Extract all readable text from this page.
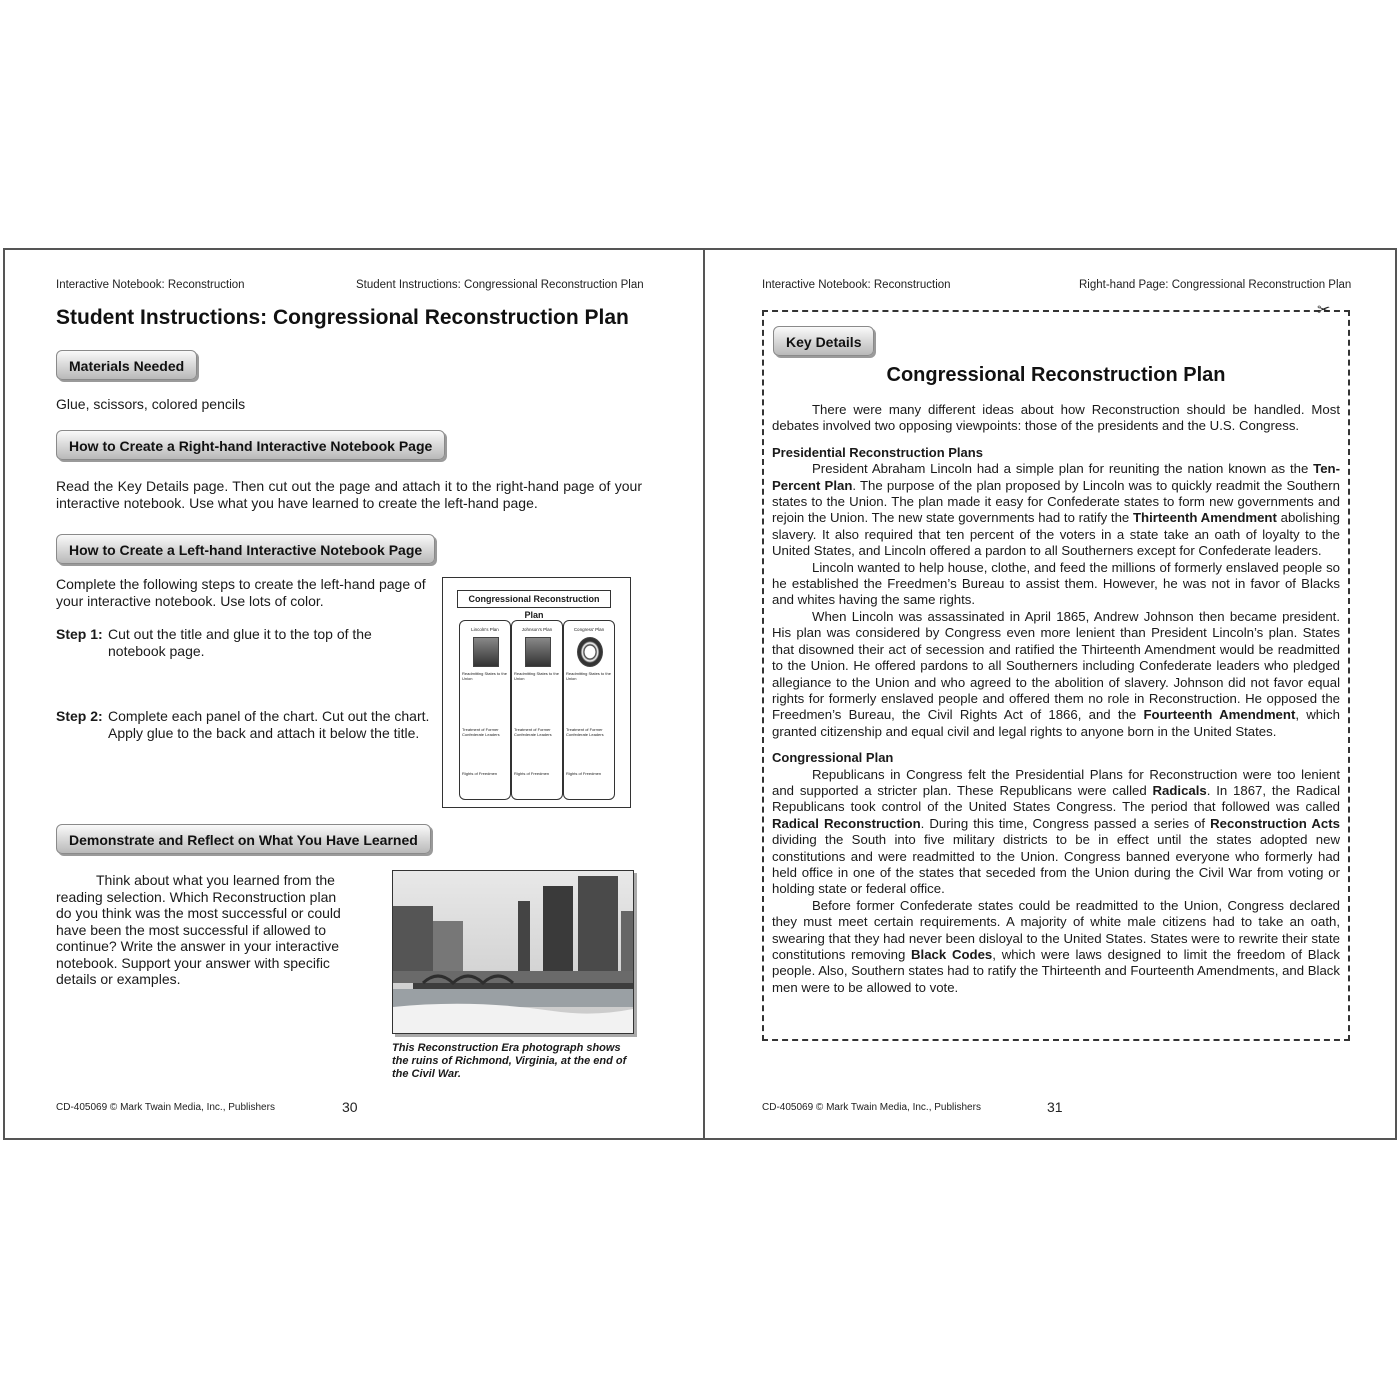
Interactive Notebook: Reconstruction	Student Instructions: Congressional Reconstruction Plan
Student Instructions: Congressional Reconstruction Plan
Materials Needed
Glue, scissors, colored pencils
How to Create a Right-hand Interactive Notebook Page
Read the Key Details page. Then cut out the page and attach it to the right-hand page of your interactive notebook. Use what you have learned to create the left-hand page.
How to Create a Left-hand Interactive Notebook Page
Complete the following steps to create the left-hand page of your interactive notebook. Use lots of color.
Step 1: Cut out the title and glue it to the top of the notebook page.
Step 2: Complete each panel of the chart. Cut out the chart. Apply glue to the back and attach it below the title.
Congressional Reconstruction Plan
Lincoln's Plan
Readmitting States to the Union
Treatment of Former Confederate Leaders
Rights of Freedmen
Johnson's Plan
Readmitting States to the Union
Treatment of Former Confederate Leaders
Rights of Freedmen
Congress' Plan
Readmitting States to the Union
Treatment of Former Confederate Leaders
Rights of Freedmen
Demonstrate and Reflect on What You Have Learned
Think about what you learned from the reading selection. Which Reconstruction plan do you think was the most successful or could have been the most successful if allowed to continue? Write the answer in your interactive notebook. Support your answer with specific details or examples.
This Reconstruction Era photograph shows the ruins of Richmond, Virginia, at the end of the Civil War.
CD-405069 © Mark Twain Media, Inc., Publishers	30
Interactive Notebook: Reconstruction	Right-hand Page: Congressional Reconstruction Plan
✂
Key Details
Congressional Reconstruction Plan

There were many different ideas about how Reconstruction should be handled. Most debates involved two opposing viewpoints: those of the presidents and the U.S. Congress.

Presidential Reconstruction Plans

President Abraham Lincoln had a simple plan for reuniting the nation known as the Ten-Percent Plan. The purpose of the plan proposed by Lincoln was to quickly readmit the Southern states to the Union. The plan made it easy for Confederate states to form new governments and rejoin the Union. The new state governments had to ratify the Thirteenth Amendment abolishing slavery. It also required that ten percent of the voters in a state take an oath of loyalty to the United States, and Lincoln offered a pardon to all Southerners except for Confederate leaders.

Lincoln wanted to help house, clothe, and feed the millions of formerly enslaved people so he established the Freedmen’s Bureau to assist them. However, he was not in favor of Blacks and whites having the same rights.

When Lincoln was assassinated in April 1865, Andrew Johnson then became president. His plan was considered by Congress even more lenient than President Lincoln’s plan. States that disowned their act of secession and ratified the Thirteenth Amendment would be readmitted to the Union. He offered pardons to all Southerners including Confederate leaders who pledged allegiance to the Union and who agreed to the abolition of slavery. Johnson did not favor equal rights for formerly enslaved people and offered them no role in Reconstruction. He opposed the Freedmen’s Bureau, the Civil Rights Act of 1866, and the Fourteenth Amendment, which granted citizenship and equal civil and legal rights to anyone born in the United States.

Congressional Plan

Republicans in Congress felt the Presidential Plans for Reconstruction were too lenient and supported a stricter plan. These Republicans were called Radicals. In 1867, the Radical Republicans took control of the United States Congress. The period that followed was called Radical Reconstruction. During this time, Congress passed a series of Reconstruction Acts dividing the South into five military districts to be in effect until the states adopted new constitutions and were readmitted to the Union. Congress banned everyone who formerly had held office in one of the states that seceded from the Union during the Civil War from voting or holding state or federal office.

Before former Confederate states could be readmitted to the Union, Congress declared they must meet certain requirements. A majority of white male citizens had to take an oath, swearing that they had never been disloyal to the United States. States were to rewrite their state constitutions removing Black Codes, which were laws designed to limit the freedom of Black people. Also, Southern states had to ratify the Thirteenth and Fourteenth Amendments, and Black men were to be allowed to vote.

CD-405069 © Mark Twain Media, Inc., Publishers	31
